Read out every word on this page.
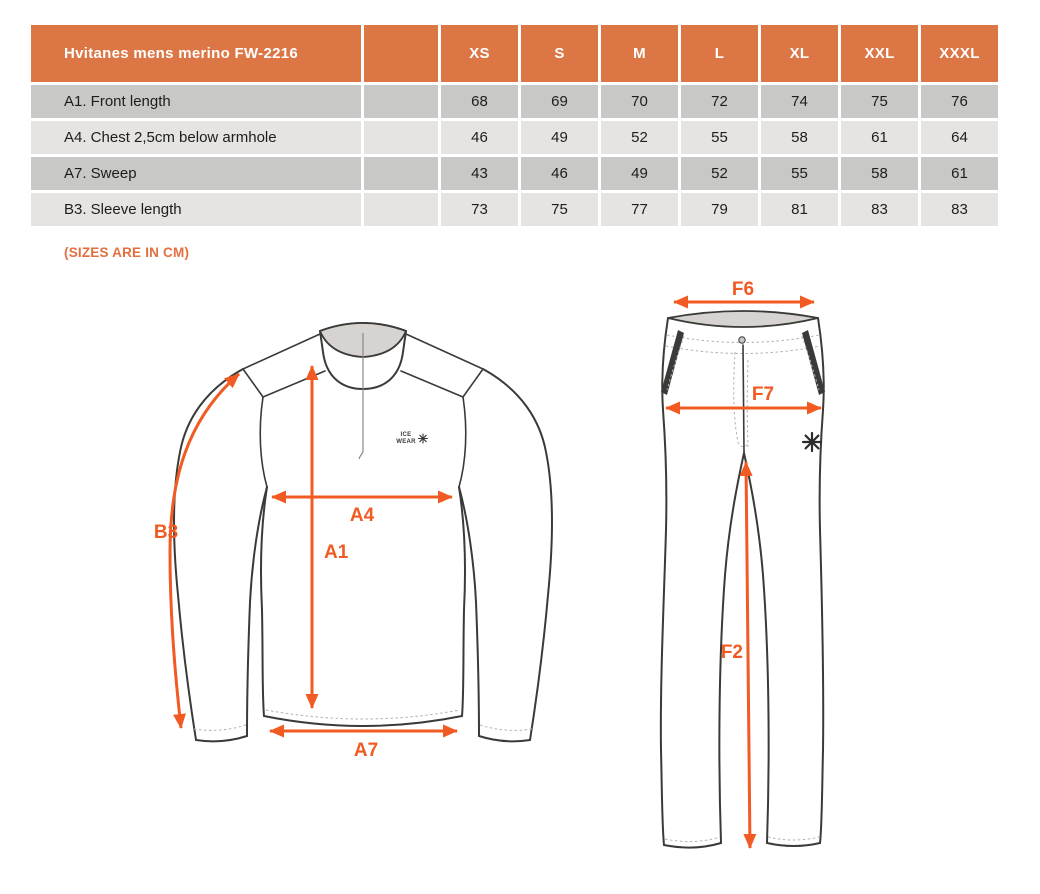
Hvitanes mens merino FW-2216		XS	S	M	L	XL	XXL	XXXL
A1. Front length		68	69	70	72	74	75	76
A4. Chest 2,5cm below armhole		46	49	52	55	58	61	64
A7. Sweep		43	46	49	52	55	58	61
B3. Sleeve length		73	75	77	79	81	83	83
(SIZES ARE IN CM)
ICE
WEAR
B3
A4
A1
A7
F6
F7
F2
